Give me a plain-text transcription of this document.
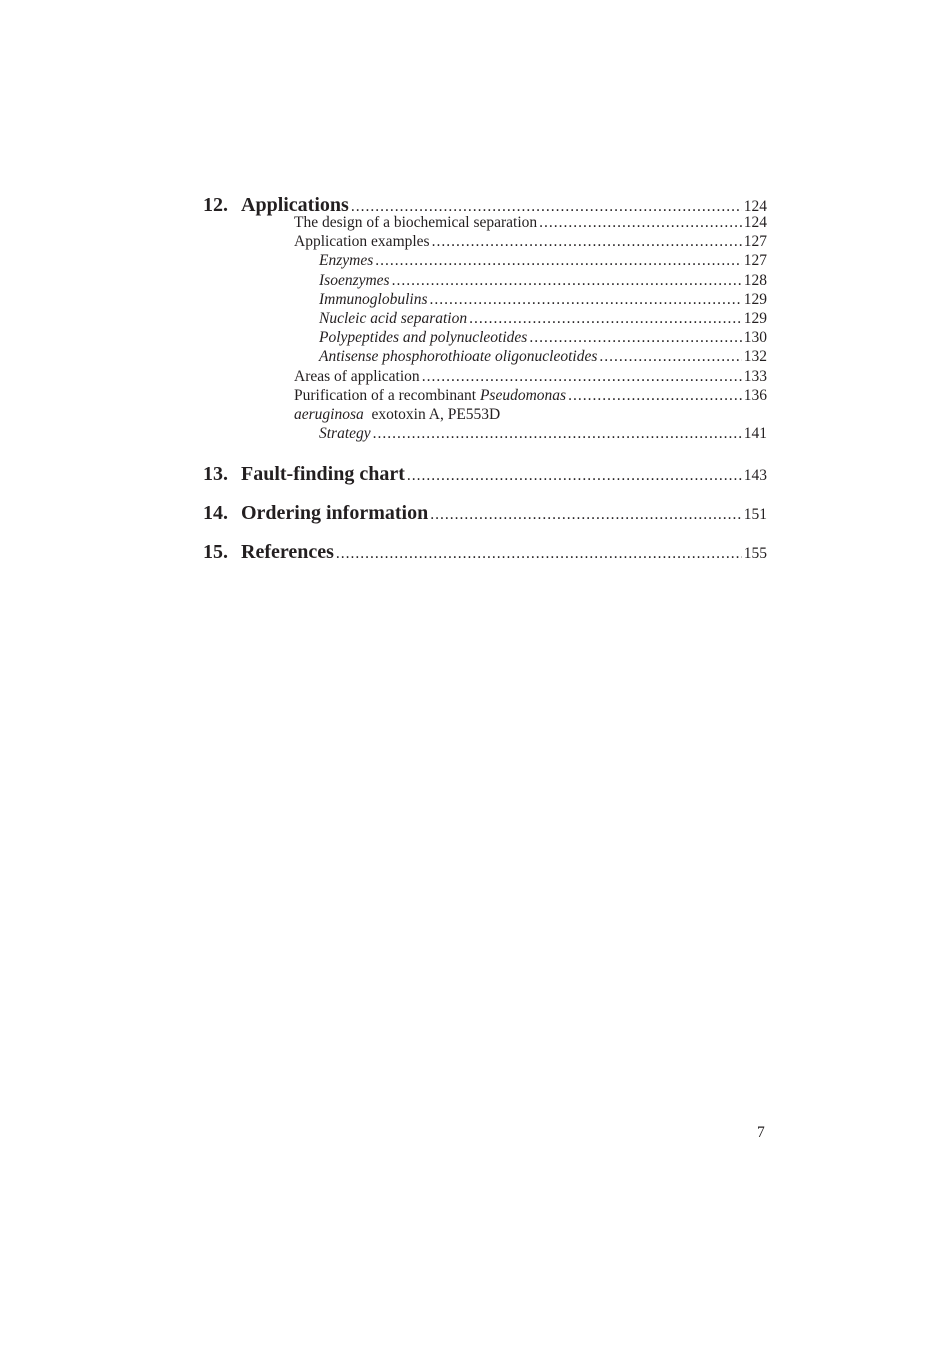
12. Applications .....	124
The design of a biochemical separation .....	124
Application examples .....	127
Enzymes .....	127
Isoenzymes .....	128
Immunoglobulins .....	129
Nucleic acid separation .....	129
Polypeptides and polynucleotides .....	130
Antisense phosphorothioate oligonucleotides .....	132
Areas of application .....	133
Purification of a recombinant Pseudomonas .....	136
aeruginosa  exotoxin A, PE553D
Strategy .....	141
13. Fault-finding chart .....	143
14. Ordering information .....	151
15. References .....	155
7
